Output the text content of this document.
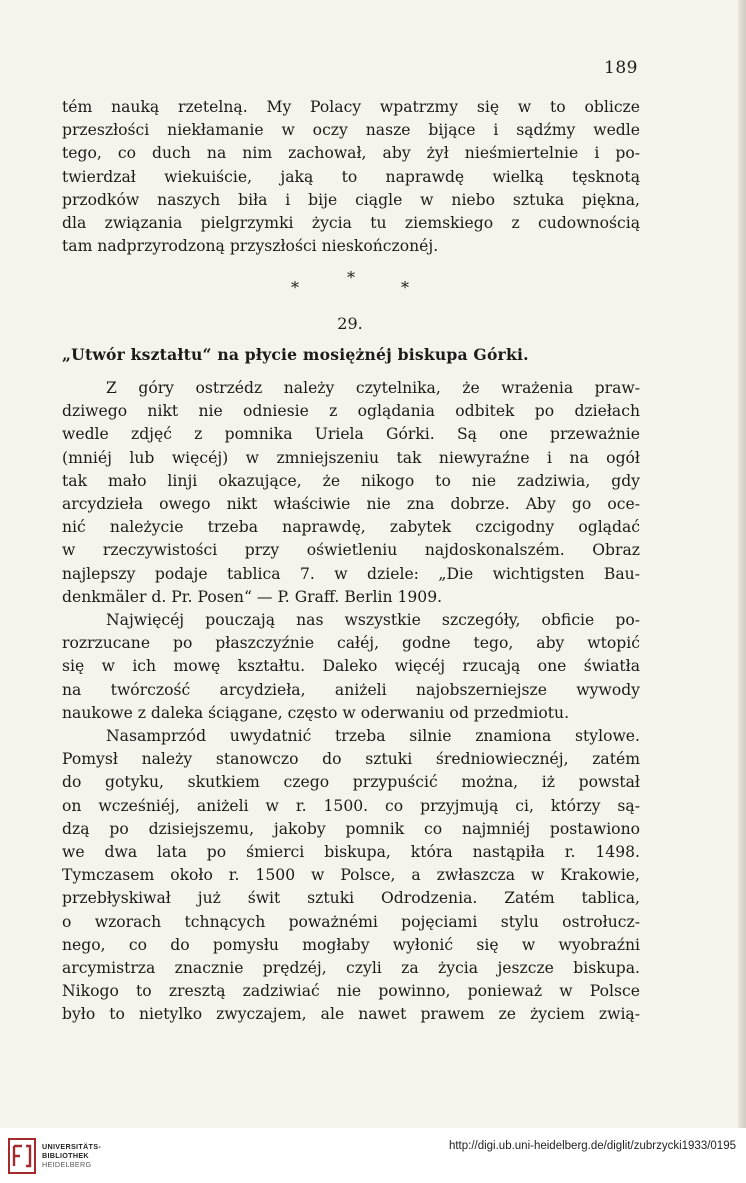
189
tém nauką rzetelną. My Polacy wpatrzmy się w to oblicze
przeszłości niekłamanie w oczy nasze bijące i sądźmy wedle
tego, co duch na nim zachował, aby żył nieśmiertelnie i po-
twierdzał wiekuiście, jaką to naprawdę wielką tęsknotą
przodków naszych biła i bije ciągle w niebo sztuka piękna,
dla związania pielgrzymki życia tu ziemskiego z cudownością
tam nadprzyrodzoną przyszłości nieskończonéj.
*
*
*
29.
„Utwór kształtu“ na płycie mosiężnéj biskupa Górki.
Z góry ostrzédz należy czytelnika, że wrażenia praw-
dziwego nikt nie odniesie z oglądania odbitek po dziełach
wedle zdjęć z pomnika Uriela Górki. Są one przeważnie
(mniéj lub więcéj) w zmniejszeniu tak niewyraźne i na ogół
tak mało linji okazujące, że nikogo to nie zadziwia, gdy
arcydzieła owego nikt właściwie nie zna dobrze. Aby go oce-
nić należycie trzeba naprawdę, zabytek czcigodny oglądać
w rzeczywistości przy oświetleniu najdoskonalszém. Obraz
najlepszy podaje tablica 7. w dziele: „Die wichtigsten Bau-
denkmäler d. Pr. Posen“ — P. Graff. Berlin 1909.
Najwięcéj pouczają nas wszystkie szczegóły, obficie po-
rozrzucane po płaszczyźnie całéj, godne tego, aby wtopić
się w ich mowę kształtu. Daleko więcéj rzucają one światła
na twórczość arcydzieła, aniżeli najobszerniejsze wywody
naukowe z daleka ściągane, często w oderwaniu od przedmiotu.
Nasamprzód uwydatnić trzeba silnie znamiona stylowe.
Pomysł należy stanowczo do sztuki średniowiecznéj, zatém
do gotyku, skutkiem czego przypuścić można, iż powstał
on wcześniéj, aniżeli w r. 1500. co przyjmują ci, którzy są-
dzą po dzisiejszemu, jakoby pomnik co najmniéj postawiono
we dwa lata po śmierci biskupa, która nastąpiła r. 1498.
Tymczasem około r. 1500 w Polsce, a zwłaszcza w Krakowie,
przebłyskiwał już świt sztuki Odrodzenia. Zatém tablica,
o wzorach tchnących poważnémi pojęciami stylu ostrołucz-
nego, co do pomysłu mogłaby wyłonić się w wyobraźni
arcymistrza znacznie prędzéj, czyli za życia jeszcze biskupa.
Nikogo to zresztą zadziwiać nie powinno, ponieważ w Polsce
było to nietylko zwyczajem, ale nawet prawem ze życiem zwią-
UNIVERSITÄTS-
BIBLIOTHEK
HEIDELBERG
http://digi.ub.uni-heidelberg.de/diglit/zubrzycki1933/0195
